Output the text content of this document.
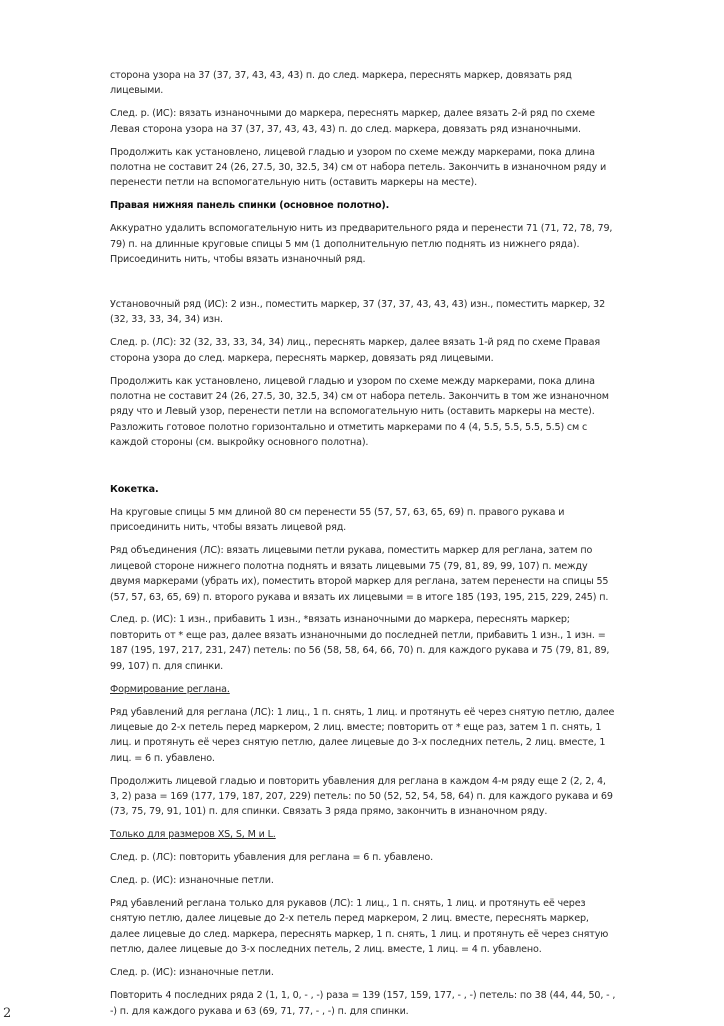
сторона узора на 37 (37, 37, 43, 43, 43) п. до след. маркера, переснять маркер, довязать ряд лицевыми.

След. р. (ИС): вязать изнаночными до маркера, переснять маркер, далее вязать 2-й ряд по схеме Левая сторона узора на 37 (37, 37, 43, 43, 43) п. до след. маркера, довязать ряд изнаночными.

Продолжить как установлено, лицевой гладью и узором по схеме между маркерами, пока длина полотна не составит 24 (26, 27.5, 30, 32.5, 34) см от набора петель. Закончить в изнаночном ряду и перенести петли на вспомогательную нить (оставить маркеры на месте).

Правая нижняя панель спинки (основное полотно).

Аккуратно удалить вспомогательную нить из предварительного ряда и перенести 71 (71, 72, 78, 79, 79) п. на длинные круговые спицы 5 мм (1 дополнительную петлю поднять из нижнего ряда). Присоединить нить, чтобы вязать изнаночный ряд.

Установочный ряд (ИС): 2 изн., поместить маркер, 37 (37, 37, 43, 43, 43) изн., поместить маркер, 32 (32, 33, 33, 34, 34) изн.

След. р. (ЛС): 32 (32, 33, 33, 34, 34) лиц., переснять маркер, далее вязать 1-й ряд по схеме Правая сторона узора до след. маркера, переснять маркер, довязать ряд лицевыми.

Продолжить как установлено, лицевой гладью и узором по схеме между маркерами, пока длина полотна не составит 24 (26, 27.5, 30, 32.5, 34) см от набора петель. Закончить в том же изнаночном ряду что и Левый узор, перенести петли на вспомогательную нить (оставить маркеры на месте). Разложить готовое полотно горизонтально и отметить маркерами по 4 (4, 5.5, 5.5, 5.5, 5.5) см с каждой стороны (см. выкройку основного полотна).

Кокетка.

На круговые спицы 5 мм длиной 80 см перенести 55 (57, 57, 63, 65, 69) п. правого рукава и присоединить нить, чтобы вязать лицевой ряд.

Ряд объединения (ЛС): вязать лицевыми петли рукава, поместить маркер для реглана, затем по лицевой стороне нижнего полотна поднять и вязать лицевыми 75 (79, 81, 89, 99, 107) п. между двумя маркерами (убрать их), поместить второй маркер для реглана, затем перенести на спицы 55 (57, 57, 63, 65, 69) п. второго рукава и вязать их лицевыми = в итоге 185 (193, 195, 215, 229, 245) п.

След. р. (ИС): 1 изн., прибавить 1 изн., *вязать изнаночными до маркера, переснять маркер; повторить от * еще раз, далее вязать изнаночными до последней петли, прибавить 1 изн., 1 изн. = 187 (195, 197, 217, 231, 247) петель: по 56 (58, 58, 64, 66, 70) п. для каждого рукава и 75 (79, 81, 89, 99, 107) п. для спинки.

Формирование реглана.

Ряд убавлений для реглана (ЛС): 1 лиц., 1 п. снять, 1 лиц. и протянуть её через снятую петлю, далее лицевые до 2-х петель перед маркером, 2 лиц. вместе; повторить от * еще раз, затем 1 п. снять, 1 лиц. и протянуть её через снятую петлю, далее лицевые до 3-х последних петель, 2 лиц. вместе, 1 лиц. = 6 п. убавлено.

Продолжить лицевой гладью и повторить убавления для реглана в каждом 4-м ряду еще 2 (2, 2, 4, 3, 2) раза = 169 (177, 179, 187, 207, 229) петель: по 50 (52, 52, 54, 58, 64) п. для каждого рукава и 69 (73, 75, 79, 91, 101) п. для спинки. Связать 3 ряда прямо, закончить в изнаночном ряду.

Только для размеров XS, S, M и L.

След. р. (ЛС): повторить убавления для реглана = 6 п. убавлено.

След. р. (ИС): изнаночные петли.

Ряд убавлений реглана только для рукавов (ЛС): 1 лиц., 1 п. снять, 1 лиц. и протянуть её через снятую петлю, далее лицевые до 2-х петель перед маркером, 2 лиц. вместе, переснять маркер, далее лицевые до след. маркера, переснять маркер, 1 п. снять, 1 лиц. и протянуть её через снятую петлю, далее лицевые до 3-х последних петель, 2 лиц. вместе, 1 лиц. = 4 п. убавлено.

След. р. (ИС): изнаночные петли.

Повторить 4 последних ряда 2 (1, 1, 0, - , -) раза = 139 (157, 159, 177, - , -) петель: по 38 (44, 44, 50, - , -) п. для каждого рукава и 63 (69, 71, 77, - , -) п. для спинки.

2
